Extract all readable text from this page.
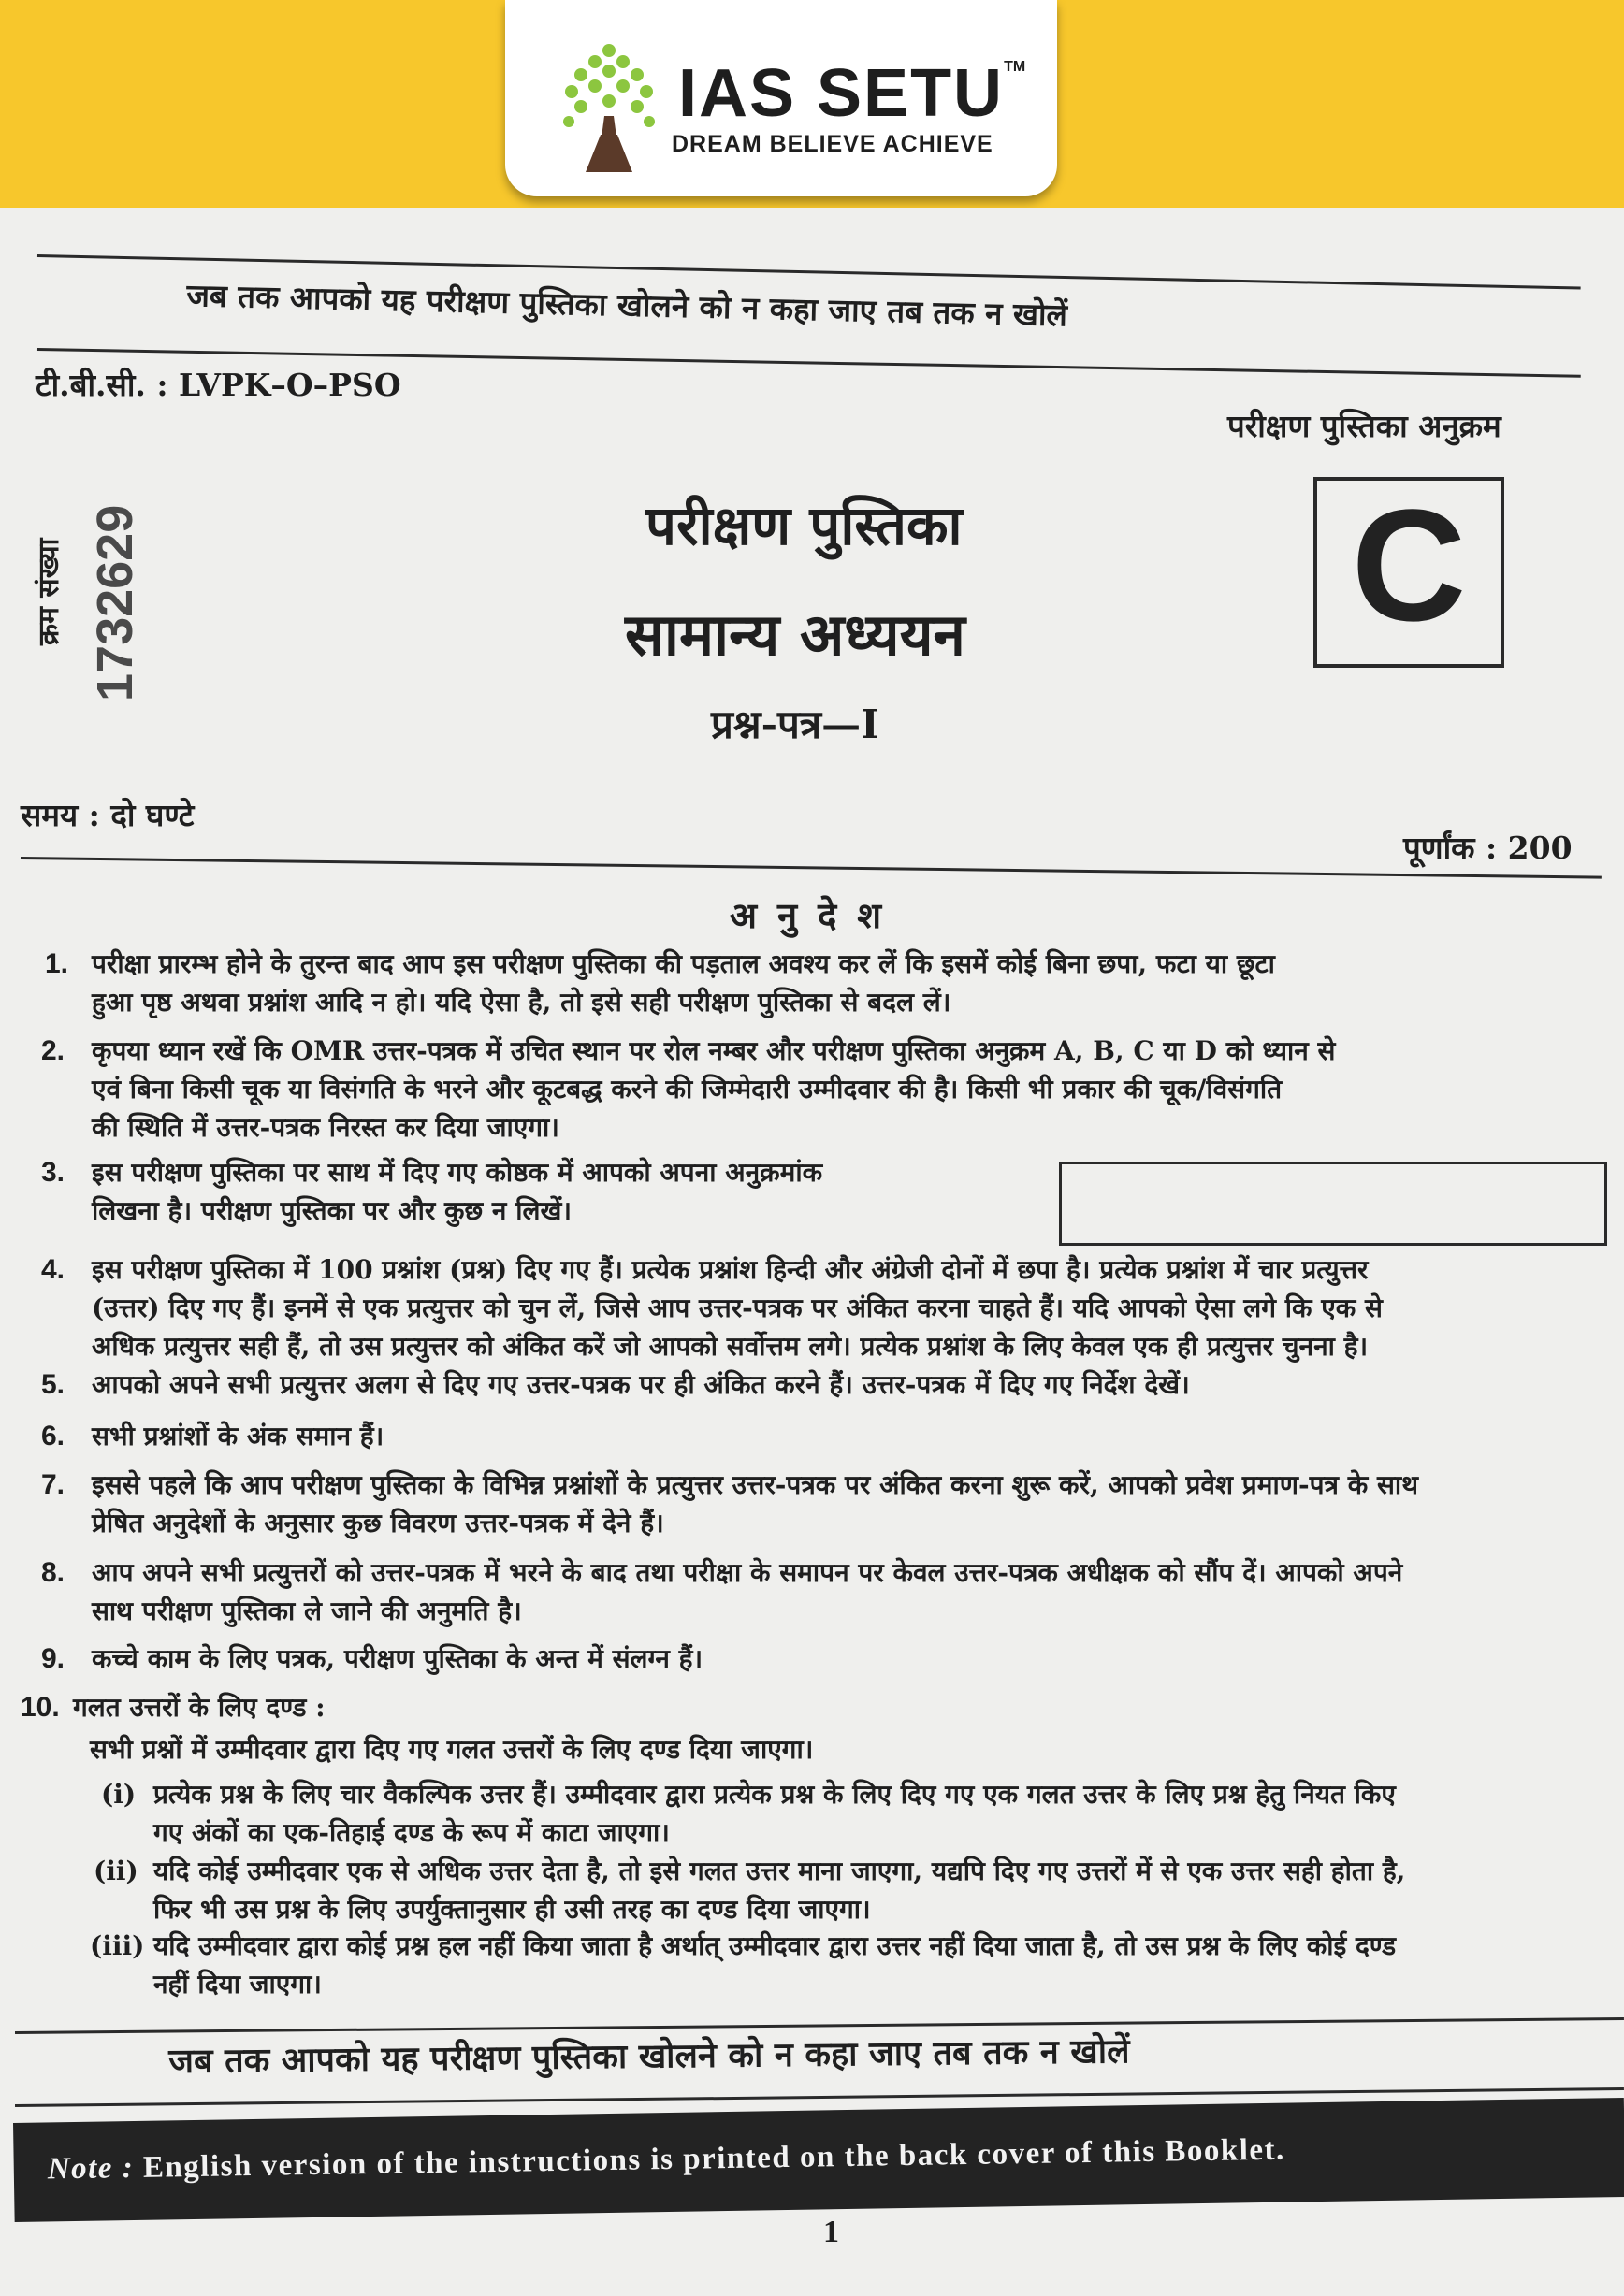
IAS SETU™
DREAM BELIEVE ACHIEVE
जब तक आपको यह परीक्षण पुस्तिका खोलने को न कहा जाए तब तक न खोलें
टी.बी.सी. : LVPK–O–PSO
परीक्षण पुस्तिका अनुक्रम
क्रम संख्या 1732629	परीक्षण पुस्तिका
सामान्य अध्ययन
प्रश्न-पत्र—I
C
समय : दो घण्टे
पूर्णांक : 200
अनुदेश
1. परीक्षा प्रारम्भ होने के तुरन्त बाद आप इस परीक्षण पुस्तिका की पड़ताल अवश्य कर लें कि इसमें कोई बिना छपा, फटा या छूटा
हुआ पृष्ठ अथवा प्रश्नांश आदि न हो। यदि ऐसा है, तो इसे सही परीक्षण पुस्तिका से बदल लें।
2. कृपया ध्यान रखें कि OMR उत्तर-पत्रक में उचित स्थान पर रोल नम्बर और परीक्षण पुस्तिका अनुक्रम A, B, C या D को ध्यान से
एवं बिना किसी चूक या विसंगति के भरने और कूटबद्ध करने की जिम्मेदारी उम्मीदवार की है। किसी भी प्रकार की चूक/विसंगति
की स्थिति में उत्तर-पत्रक निरस्त कर दिया जाएगा।
3. इस परीक्षण पुस्तिका पर साथ में दिए गए कोष्ठक में आपको अपना अनुक्रमांक
लिखना है। परीक्षण पुस्तिका पर और कुछ न लिखें।
4. इस परीक्षण पुस्तिका में 100 प्रश्नांश (प्रश्न) दिए गए हैं। प्रत्येक प्रश्नांश हिन्दी और अंग्रेजी दोनों में छपा है। प्रत्येक प्रश्नांश में चार प्रत्युत्तर
(उत्तर) दिए गए हैं। इनमें से एक प्रत्युत्तर को चुन लें, जिसे आप उत्तर-पत्रक पर अंकित करना चाहते हैं। यदि आपको ऐसा लगे कि एक से
अधिक प्रत्युत्तर सही हैं, तो उस प्रत्युत्तर को अंकित करें जो आपको सर्वोत्तम लगे। प्रत्येक प्रश्नांश के लिए केवल एक ही प्रत्युत्तर चुनना है।
5. आपको अपने सभी प्रत्युत्तर अलग से दिए गए उत्तर-पत्रक पर ही अंकित करने हैं। उत्तर-पत्रक में दिए गए निर्देश देखें।
6. सभी प्रश्नांशों के अंक समान हैं।
7. इससे पहले कि आप परीक्षण पुस्तिका के विभिन्न प्रश्नांशों के प्रत्युत्तर उत्तर-पत्रक पर अंकित करना शुरू करें, आपको प्रवेश प्रमाण-पत्र के साथ
प्रेषित अनुदेशों के अनुसार कुछ विवरण उत्तर-पत्रक में देने हैं।
8. आप अपने सभी प्रत्युत्तरों को उत्तर-पत्रक में भरने के बाद तथा परीक्षा के समापन पर केवल उत्तर-पत्रक अधीक्षक को सौंप दें। आपको अपने
साथ परीक्षण पुस्तिका ले जाने की अनुमति है।
9. कच्चे काम के लिए पत्रक, परीक्षण पुस्तिका के अन्त में संलग्न हैं।
10. गलत उत्तरों के लिए दण्ड :
सभी प्रश्नों में उम्मीदवार द्वारा दिए गए गलत उत्तरों के लिए दण्ड दिया जाएगा।
(i) प्रत्येक प्रश्न के लिए चार वैकल्पिक उत्तर हैं। उम्मीदवार द्वारा प्रत्येक प्रश्न के लिए दिए गए एक गलत उत्तर के लिए प्रश्न हेतु नियत किए
गए अंकों का एक-तिहाई दण्ड के रूप में काटा जाएगा।
(ii) यदि कोई उम्मीदवार एक से अधिक उत्तर देता है, तो इसे गलत उत्तर माना जाएगा, यद्यपि दिए गए उत्तरों में से एक उत्तर सही होता है,
फिर भी उस प्रश्न के लिए उपर्युक्तानुसार ही उसी तरह का दण्ड दिया जाएगा।
(iii) यदि उम्मीदवार द्वारा कोई प्रश्न हल नहीं किया जाता है अर्थात् उम्मीदवार द्वारा उत्तर नहीं दिया जाता है, तो उस प्रश्न के लिए कोई दण्ड
नहीं दिया जाएगा।
जब तक आपको यह परीक्षण पुस्तिका खोलने को न कहा जाए तब तक न खोलें
Note : English version of the instructions is printed on the back cover of this Booklet.
1
